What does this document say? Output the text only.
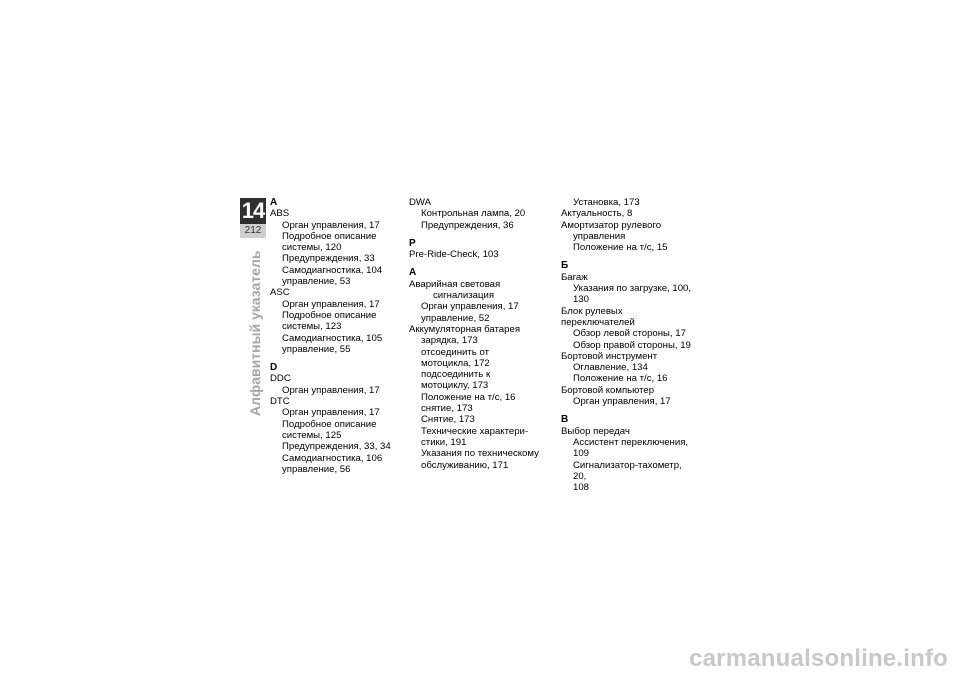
14
212
Алфавитный указатель
A
ABS
Орган управления, 17
Подробное описание
системы, 120
Предупреждения, 33
Самодиагностика, 104
управление, 53
ASC
Орган управления, 17
Подробное описание
системы, 123
Самодиагностика, 105
управление, 55
D
DDC
Орган управления, 17
DTC
Орган управления, 17
Подробное описание
системы, 125
Предупреждения, 33, 34
Самодиагностика, 106
управление, 56
DWA
Контрольная лампа, 20
Предупреждения, 36
P
Pre-Ride-Check, 103
А
Аварийная световая
сигнализация
Орган управления, 17
управление, 52
Аккумуляторная батарея
зарядка, 173
отсоединить от
мотоцикла, 172
подсоединить к
мотоциклу, 173
Положение на т/с, 16
снятие, 173
Снятие, 173
Технические характери-
стики, 191
Указания по техническому
обслуживанию, 171
Установка, 173
Актуальность, 8
Амортизатор рулевого
управления
Положение на т/с, 15
Б
Багаж
Указания по загрузке, 100,
130
Блок рулевых переключателей
Обзор левой стороны, 17
Обзор правой стороны, 19
Бортовой инструмент
Оглавление, 134
Положение на т/с, 16
Бортовой компьютер
Орган управления, 17
В
Выбор передач
Ассистент переключения, 109
Сигнализатор-тахометр, 20,
108
carmanualsonline.info
